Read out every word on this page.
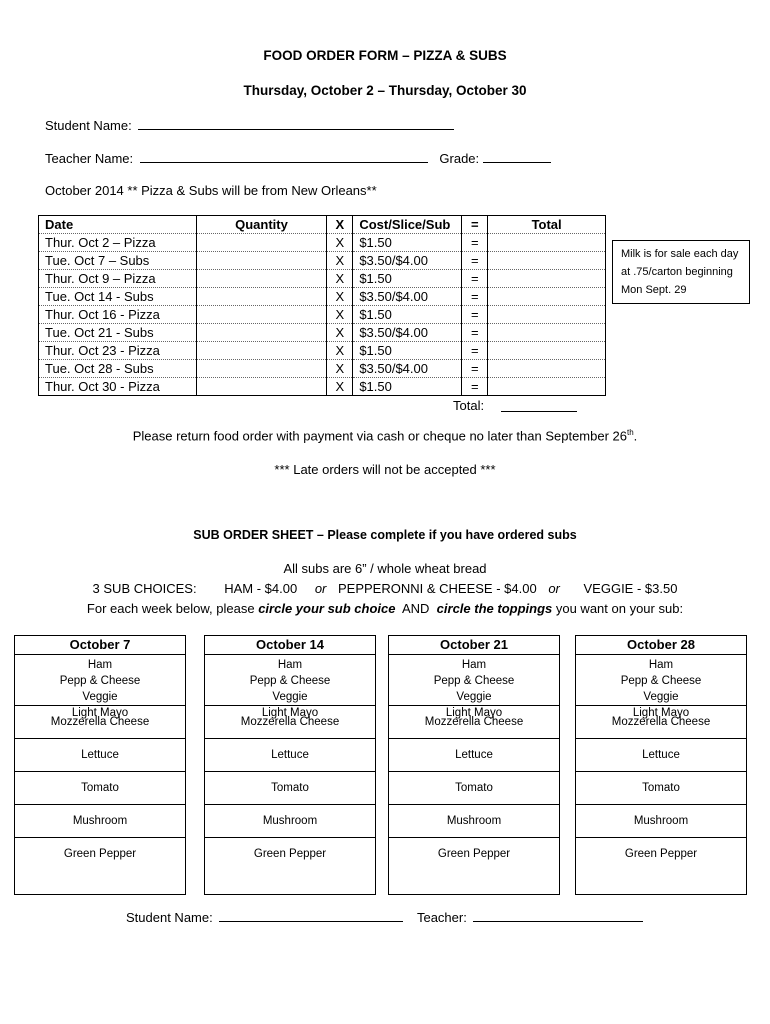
FOOD ORDER FORM – PIZZA & SUBS
Thursday, October 2 – Thursday, October 30
Student Name:
Teacher Name:	Grade:
October 2014 ** Pizza & Subs will be from New Orleans**
Date	Quantity	X	Cost/Slice/Sub	=	Total
Thur. Oct 2 – Pizza		X	$1.50	=	
Tue. Oct 7 – Subs		X	$3.50/$4.00	=	
Thur. Oct 9 – Pizza		X	$1.50	=	
Tue. Oct 14 - Subs		X	$3.50/$4.00	=	
Thur. Oct 16 - Pizza		X	$1.50	=	
Tue. Oct 21 - Subs		X	$3.50/$4.00	=	
Thur. Oct 23 - Pizza		X	$1.50	=	
Tue. Oct 28 - Subs		X	$3.50/$4.00	=	
Thur. Oct 30 - Pizza		X	$1.50	=	
Milk is for sale each day
at .75/carton beginning
Mon Sept. 29
Total:
Please return food order with payment via cash or cheque no later than September 26th.
*** Late orders will not be accepted ***
SUB ORDER SHEET – Please complete if you have ordered subs
All subs are 6” / whole wheat bread
3 SUB CHOICES: HAM - $4.00 or PEPPERONNI & CHEESE - $4.00 or VEGGIE - $3.50
For each week below, please circle your sub choice  AND  circle the toppings you want on your sub:
October 7
Ham
Pepp & Cheese
Veggie
Light Mayo
Mozzerella Cheese
Lettuce
Tomato
Mushroom
Green Pepper
October 14
Ham
Pepp & Cheese
Veggie
Light Mayo
Mozzerella Cheese
Lettuce
Tomato
Mushroom
Green Pepper
October 21
Ham
Pepp & Cheese
Veggie
Light Mayo
Mozzerella Cheese
Lettuce
Tomato
Mushroom
Green Pepper
October 28
Ham
Pepp & Cheese
Veggie
Light Mayo
Mozzerella Cheese
Lettuce
Tomato
Mushroom
Green Pepper
Student Name:	Teacher:
